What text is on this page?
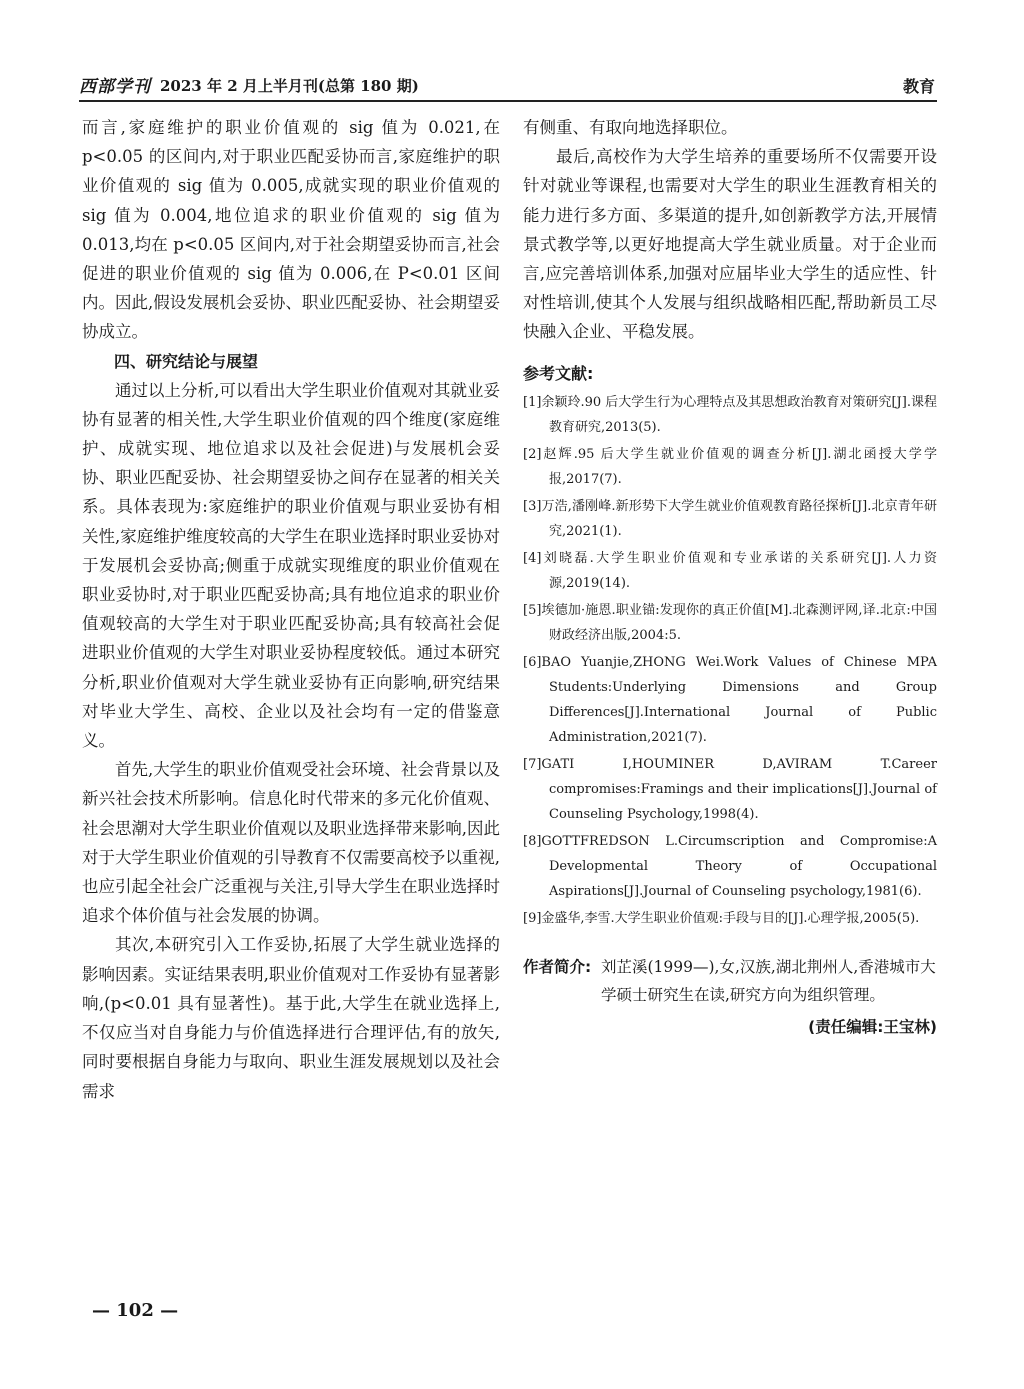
西部学刊 2023 年 2 月上半月刊(总第 180 期)	教育

而言,家庭维护的职业价值观的 sig 值为 0.021,在 p<0.05 的区间内,对于职业匹配妥协而言,家庭维护的职业价值观的 sig 值为 0.005,成就实现的职业价值观的 sig 值为 0.004,地位追求的职业价值观的 sig 值为 0.013,均在 p<0.05 区间内,对于社会期望妥协而言,社会促进的职业价值观的 sig 值为 0.006,在 P<0.01 区间内。因此,假设发展机会妥协、职业匹配妥协、社会期望妥协成立。

四、研究结论与展望

通过以上分析,可以看出大学生职业价值观对其就业妥协有显著的相关性,大学生职业价值观的四个维度(家庭维护、成就实现、地位追求以及社会促进)与发展机会妥协、职业匹配妥协、社会期望妥协之间存在显著的相关关系。具体表现为:家庭维护的职业价值观与职业妥协有相关性,家庭维护维度较高的大学生在职业选择时职业妥协对于发展机会妥协高;侧重于成就实现维度的职业价值观在职业妥协时,对于职业匹配妥协高;具有地位追求的职业价值观较高的大学生对于职业匹配妥协高;具有较高社会促进职业价值观的大学生对职业妥协程度较低。通过本研究分析,职业价值观对大学生就业妥协有正向影响,研究结果对毕业大学生、高校、企业以及社会均有一定的借鉴意义。

首先,大学生的职业价值观受社会环境、社会背景以及新兴社会技术所影响。信息化时代带来的多元化价值观、社会思潮对大学生职业价值观以及职业选择带来影响,因此对于大学生职业价值观的引导教育不仅需要高校予以重视,也应引起全社会广泛重视与关注,引导大学生在职业选择时追求个体价值与社会发展的协调。

其次,本研究引入工作妥协,拓展了大学生就业选择的影响因素。实证结果表明,职业价值观对工作妥协有显著影响,(p<0.01 具有显著性)。基于此,大学生在就业选择上,不仅应当对自身能力与价值选择进行合理评估,有的放矢,同时要根据自身能力与取向、职业生涯发展规划以及社会需求

有侧重、有取向地选择职位。

最后,高校作为大学生培养的重要场所不仅需要开设针对就业等课程,也需要对大学生的职业生涯教育相关的能力进行多方面、多渠道的提升,如创新教学方法,开展情景式教学等,以更好地提高大学生就业质量。对于企业而言,应完善培训体系,加强对应届毕业大学生的适应性、针对性培训,使其个人发展与组织战略相匹配,帮助新员工尽快融入企业、平稳发展。

参考文献:

[1]余颖玲.90 后大学生行为心理特点及其思想政治教育对策研究[J].课程教育研究,2013(5).

[2]赵辉.95 后大学生就业价值观的调查分析[J].湖北函授大学学报,2017(7).

[3]万浩,潘刚峰.新形势下大学生就业价值观教育路径探析[J].北京青年研究,2021(1).

[4]刘晓磊.大学生职业价值观和专业承诺的关系研究[J].人力资源,2019(14).

[5]埃德加·施恩.职业锚:发现你的真正价值[M].北森测评网,译.北京:中国财政经济出版,2004:5.

[6]BAO Yuanjie,ZHONG Wei.Work Values of Chinese MPA Students:Underlying Dimensions and Group Differences[J].International Journal of Public Administration,2021(7).

[7]GATI I,HOUMINER D,AVIRAM T.Career compromises:Framings and their implications[J].Journal of Counseling Psychology,1998(4).

[8]GOTTFREDSON L.Circumscription and Compromise:A Developmental Theory of Occupational Aspirations[J].Journal of Counseling psychology,1981(6).

[9]金盛华,李雪.大学生职业价值观:手段与目的[J].心理学报,2005(5).

作者简介: 刘芷溪(1999—),女,汉族,湖北荆州人,香港城市大学硕士研究生在读,研究方向为组织管理。
(责任编辑:王宝林)
— 102 —
